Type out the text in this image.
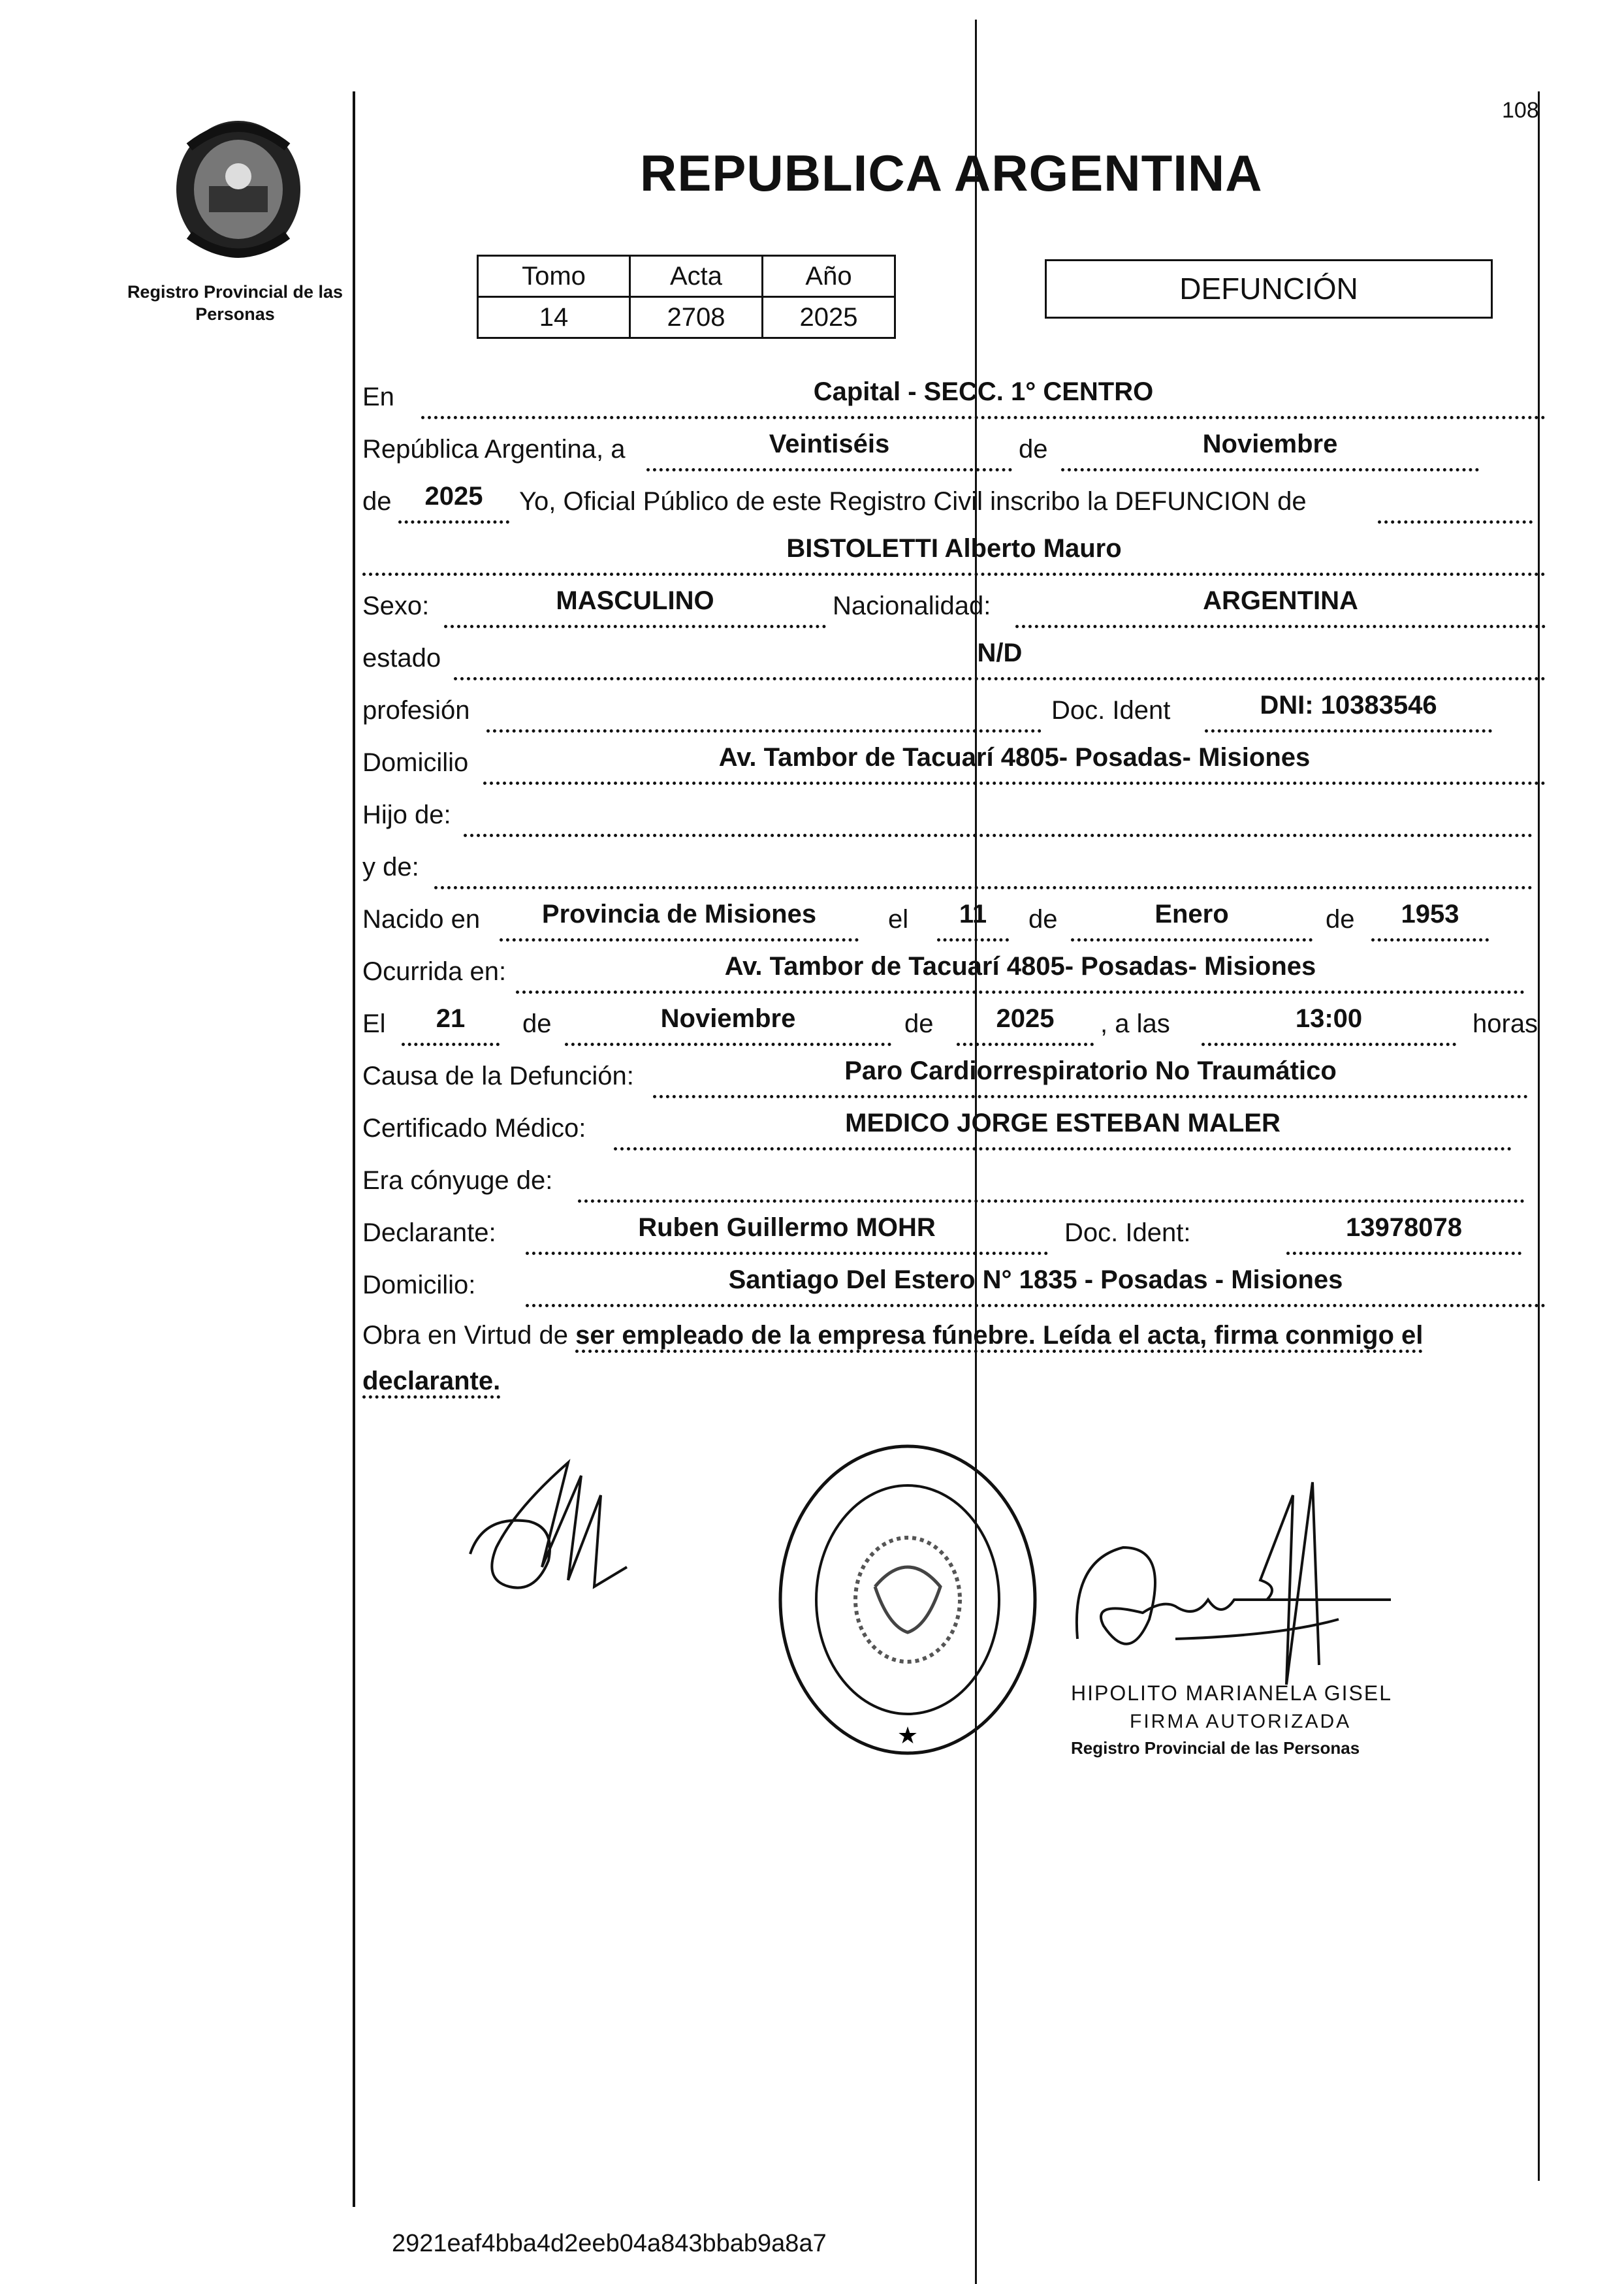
Registro Provincial de las Personas
108
REPUBLICA ARGENTINA
Tomo	Acta	Año
14	2708	2025
DEFUNCIÓN
En	Capital - SECC. 1° CENTRO
República Argentina, a	Veintiséis	de	Noviembre
de	2025	Yo, Oficial Público de este Registro Civil inscribo la DEFUNCION de
BISTOLETTI Alberto Mauro
Sexo:	MASCULINO	Nacionalidad:	ARGENTINA
estado	N/D
profesión	Doc. Ident	DNI: 10383546
Domicilio	Av. Tambor de Tacuarí 4805- Posadas- Misiones
Hijo de:
y de:
Nacido en	Provincia de Misiones	el	11	de	Enero	de	1953
Ocurrida en:	Av. Tambor de Tacuarí 4805- Posadas- Misiones
El	21	de	Noviembre	de	2025	, a las	13:00	horas
Causa de la Defunción:	Paro Cardiorrespiratorio No Traumático
Certificado Médico:	MEDICO JORGE ESTEBAN MALER
Era cónyuge de:
Declarante:	Ruben Guillermo MOHR	Doc. Ident:	13978078
Domicilio:	Santiago Del Estero N° 1835 - Posadas - Misiones
Obra en Virtud de ser empleado de la empresa fúnebre. Leída el acta, firma conmigo el
declarante.
★
HIPOLITO MARIANELA GISEL
FIRMA AUTORIZADA
Registro Provincial de las Personas
2921eaf4bba4d2eeb04a843bbab9a8a7
